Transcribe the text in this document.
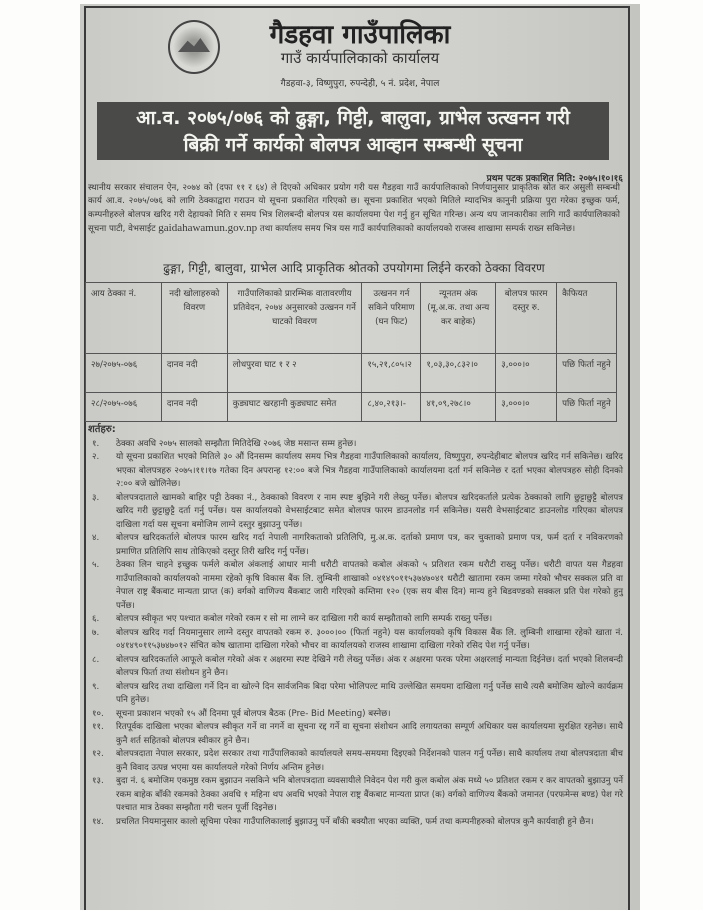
गैडहवा गाउँपालिका
गाउँ कार्यपालिकाको कार्यालय
गैडहवा-३, विष्णुपुरा, रुपन्देही, ५ नं. प्रदेश, नेपाल
आ.व. २०७५/०७६ को ढुङ्गा, गिट्टी, बालुवा, ग्राभेल उत्खनन गरी
बिक्री गर्ने कार्यको बोलपत्र आव्हान सम्बन्धी सूचना
प्रथम पटक प्रकाशित मिति: २०७५।१०।१६
स्थानीय सरकार संचालन ऐन, २०७४ को (दफा ११ र ६४) ले दिएको अधिकार प्रयोग गरी यस गैडहवा गाउँ कार्यपालिकाको निर्णयानुसार प्राकृतिक स्रोत कर असुली सम्बन्धी कार्य आ.व. २०७५/०७६ को लागि ठेक्काद्वारा गराउन यो सूचना प्रकाशित गरिएको छ। सूचना प्रकाशित भएको मितिले म्यादभित्र कानुनी प्रक्रिया पुरा गरेका इच्छुक फर्म, कम्पनीहरुले बोलपत्र खरिद गरी देहायको मिति र समय भित्र शिलबन्दी बोलपत्र यस कार्यालयमा पेश गर्नु हुन सूचित गरिन्छ। अन्य थप जानकारीका लागि गाउँ कार्यपालिकाको सूचना पाटी, वेभसाईट gaidahawamun.gov.np तथा कार्यालय समय भित्र यस गाउँ कार्यपालिकाको कार्यालयको राजस्व शाखामा सम्पर्क राख्न सकिनेछ।
ढुङ्गा, गिट्टी, बालुवा, ग्राभेल आदि प्राकृतिक श्रोतको उपयोगमा लिईने करको ठेक्का विवरण
आय ठेक्का नं.	नदी खोलाहरुको विवरण	गाउँपालिकाको प्रारम्भिक वातावरणीय प्रतिवेदन, २०७४ अनुसारको उत्खनन गर्ने घाटको विवरण	उत्खनन गर्न सकिने परिमाण (घन फिट)	न्यूनतम अंक (मू.अ.क. तथा अन्य कर बाहेक)	बोलपत्र फारम दस्तुर रु.	कैफियत
२७/२०७५-०७६	दानव नदी	लोधपुरवा घाट १ र २	१५,२१,८०५।२	१,०३,३०,८३२।०	३,०००।०	पछि फिर्ता नहुने
२८/२०७५-०७६	दानव नदी	कुड्यघाट खरहानी कुड्यघाट समेत	८,४०,२१३।-	४१,०९,२७८।०	३,०००।०	पछि फिर्ता नहुने
शर्तहरु:
१.	ठेक्का अवधि २०७५ सालको सम्झौता मितिदेखि २०७६ जेष्ठ मसान्त सम्म हुनेछ।
२.	यो सूचना प्रकाशित भएको मितिले ३० औं दिनसम्म कार्यालय समय भित्र गैडहवा गाउँपालिकाको कार्यालय, विष्णुपुरा, रुपन्देहीबाट बोलपत्र खरिद गर्न सकिनेछ। खरिद भएका बोलपत्रहरु २०७५।११।१७ गतेका दिन अपरान्ह १२:०० बजे भित्र गैडहवा गाउँपालिकाको कार्यालयमा दर्ता गर्न सकिनेछ र दर्ता भएका बोलपत्रहरु सोही दिनको २:०० बजे खोलिनेछ।
३.	बोलपत्रदाताले खामको बाहिर पट्टी ठेक्का नं., ठेक्काको विवरण र नाम स्पष्ट बुझिने गरी लेख्नु पर्नेछ। बोलपत्र खरिदकर्ताले प्रत्येक ठेक्काको लागि छुट्टाछुट्टै बोलपत्र खरिद गरी छुट्टाछुट्टै दर्ता गर्नु पर्नेछ। यस कार्यालयको वेभसाईटबाट समेत बोलपत्र फारम डाउनलोड गर्न सकिनेछ। यसरी वेभसाईटबाट डाउनलोड गरिएका बोलपत्र दाखिला गर्दा यस सूचना बमोजिम लाग्ने दस्तुर बुझाउनु पर्नेछ।
४.	बोलपत्र खरिदकर्ताले बोलपत्र फारम खरिद गर्दा नेपाली नागरिकताको प्रतिलिपि, मु.अ.क. दर्ताको प्रमाण पत्र, कर चुक्ताको प्रमाण पत्र, फर्म दर्ता र नविकरणको प्रमाणित प्रतिलिपि साथ तोकिएको दस्तुर तिरी खरिद गर्नु पर्नेछ।
५.	ठेक्का लिन चाहने इच्छुक फर्मले कबोल अंकलाई आधार मानी धरौटी वापतको कबोल अंकको ५ प्रतिशत रकम धरौटी राख्नु पर्नेछ। धरौटी वापत यस गैडहवा गाउँपालिकाको कार्यालयको नाममा रहेको कृषि विकास बैंक लि. लुम्बिनी शाखाको ०४१४९०११५३७४७०४१ धरौटी खातामा रकम जम्मा गरेको भौचर सक्कल प्रति वा नेपाल राष्ट्र बैंकबाट मान्यता प्राप्त (क) वर्गको वाणिज्य बैंकबाट जारी गरिएको कम्तिमा १२० (एक सय बीस दिन) मान्य हुने बिडवण्डको सक्कल प्रति पेश गरेको हुनु पर्नेछ।
६.	बोलपत्र स्वीकृत भए पश्चात कबोल गरेको रकम र सो मा लाग्ने कर दाखिला गरी कार्य सम्झौताको लागि सम्पर्क राख्नु पर्नेछ।
७.	बोलपत्र खरिद गर्दा नियमानुसार लाग्ने दस्तुर वापतको रकम रु. ३०००।०० (फिर्ता नहुने) यस कार्यालयको कृषि विकास बैंक लि. लुम्बिनी शाखामा रहेको खाता नं. ०४१४९०११५३७४७०१२ संचित कोष खातामा दाखिला गरेको भौचर वा कार्यालयको राजस्व शाखामा दाखिला गरेको रसिद पेश गर्नु पर्नेछ।
८.	बोलपत्र खरिदकर्ताले आफूले कबोल गरेको अंक र अक्षरमा स्पष्ट देखिने गरी लेख्नु पर्नेछ। अंक र अक्षरमा फरक परेमा अक्षरलाई मान्यता दिईनेछ। दर्ता भएको शिलबन्दी बोलपत्र फिर्ता तथा संशोधन हुने छैन।
९.	बोलपत्र खरिद तथा दाखिला गर्ने दिन वा खोल्ने दिन सार्वजनिक बिदा परेमा भोलिपल्ट माथि उल्लेखित समयमा दाखिला गर्नु पर्नेछ साथै त्यसै बमोजिम खोल्ने कार्यक्रम पनि हुनेछ।
१०.	सूचना प्रकाशन भएको १५ औं दिनमा पूर्व बोलपत्र बैठक (Pre- Bid Meeting) बस्नेछ।
११.	रितपूर्वक दाखिला भएका बोलपत्र स्वीकृत गर्ने वा नगर्ने वा सूचना रद्द गर्ने वा सूचना संशोधन आदि लगायतका सम्पूर्ण अधिकार यस कार्यालयमा सुरक्षित रहनेछ। साथै कुनै शर्त सहितको बोलपत्र स्वीकार हुने छैन।
१२.	बोलपत्रदाता नेपाल सरकार, प्रदेश सरकार तथा गाउँपालिकाको कार्यालयले समय-समयमा दिइएको निर्देशनको पालन गर्नु पर्नेछ। साथै कार्यालय तथा बोलपत्रदाता बीच कुनै विवाद उत्पन्न भएमा यस कार्यालयले गरेको निर्णय अन्तिम हुनेछ।
१३.	बुदा नं. ६ बमोजिम एकमुष्ठ रकम बुझाउन नसकिने भनि बोलपत्रदाता व्यवसायीले निवेदन पेश गरी कुल कबोल अंक मध्ये ५० प्रतिशत रकम र कर वापतको बुझाउनु पर्ने रकम बाहेक बाँकी रकमको ठेक्का अवधि १ महिना थप अवधि भएको नेपाल राष्ट्र बैंकबाट मान्यता प्राप्त (क) वर्गको वाणिज्य बैंकको जमानत (परफमेन्स बण्ड) पेश गरे पश्चात मात्र ठेक्का सम्झौता गरी चलन पूर्जी दिइनेछ।
१४.	प्रचलित नियमानुसार कालो सूचिमा परेका गाउँपालिकालाई बुझाउनु पर्ने बाँकी बक्यौता भएका व्यक्ति, फर्म तथा कम्पनीहरुको बोलपत्र कुनै कार्यवाही हुने छैन।
